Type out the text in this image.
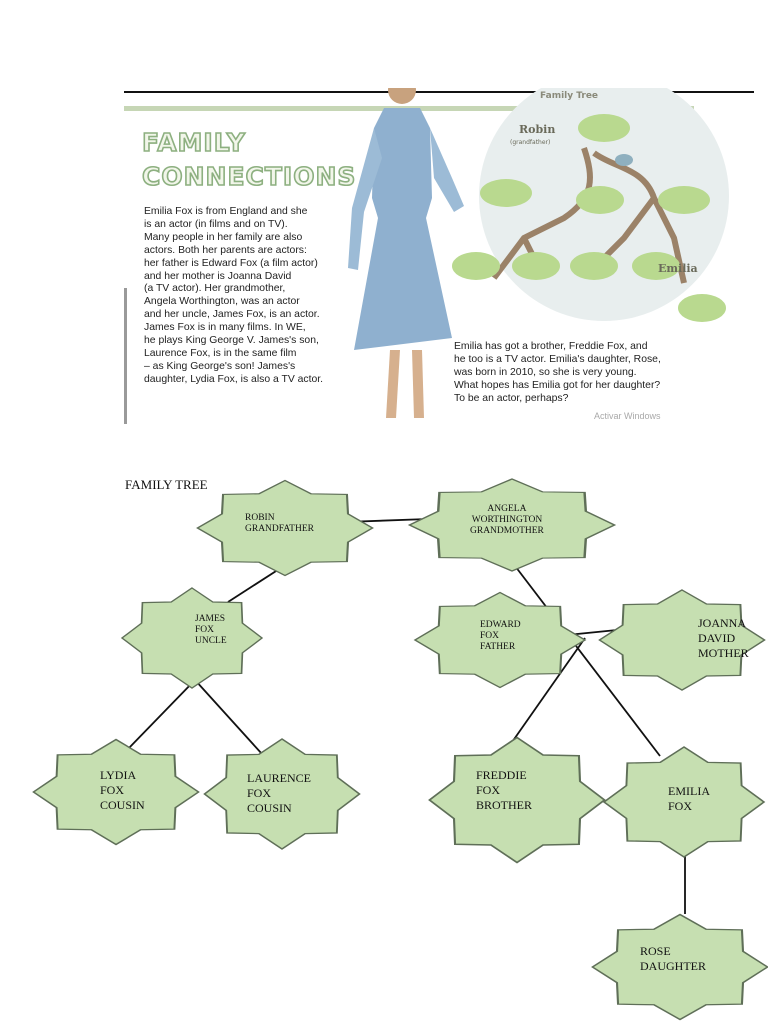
FAMILY
CONNECTIONS
Emilia Fox is from England and she
is an actor (in films and on TV).
Many people in her family are also
actors. Both her parents are actors:
her father is Edward Fox (a film actor)
and her mother is Joanna David
(a TV actor). Her grandmother,
Angela Worthington, was an actor
and her uncle, James Fox, is an actor.
James Fox is in many films. In WE,
he plays King George V. James's son,
Laurence Fox, is in the same film
– as King George's son! James's
daughter, Lydia Fox, is also a TV actor.
Family Tree
Robin
(grandfather)
Emilia
Emilia has got a brother, Freddie Fox, and
he too is a TV actor. Emilia's daughter, Rose,
was born in 2010, so she is very young.
What hopes has Emilia got for her daughter?
To be an actor, perhaps?
Activar Windows
FAMILY TREE
ROBIN
GRANDFATHER
ANGELA
WORTHINGTON
GRANDMOTHER
JAMES
FOX
UNCLE
EDWARD
FOX
FATHER
JOANNA
DAVID
MOTHER
LYDIA
FOX
COUSIN
LAURENCE
FOX
COUSIN
FREDDIE
FOX
BROTHER
EMILIA
FOX
ROSE
DAUGHTER
